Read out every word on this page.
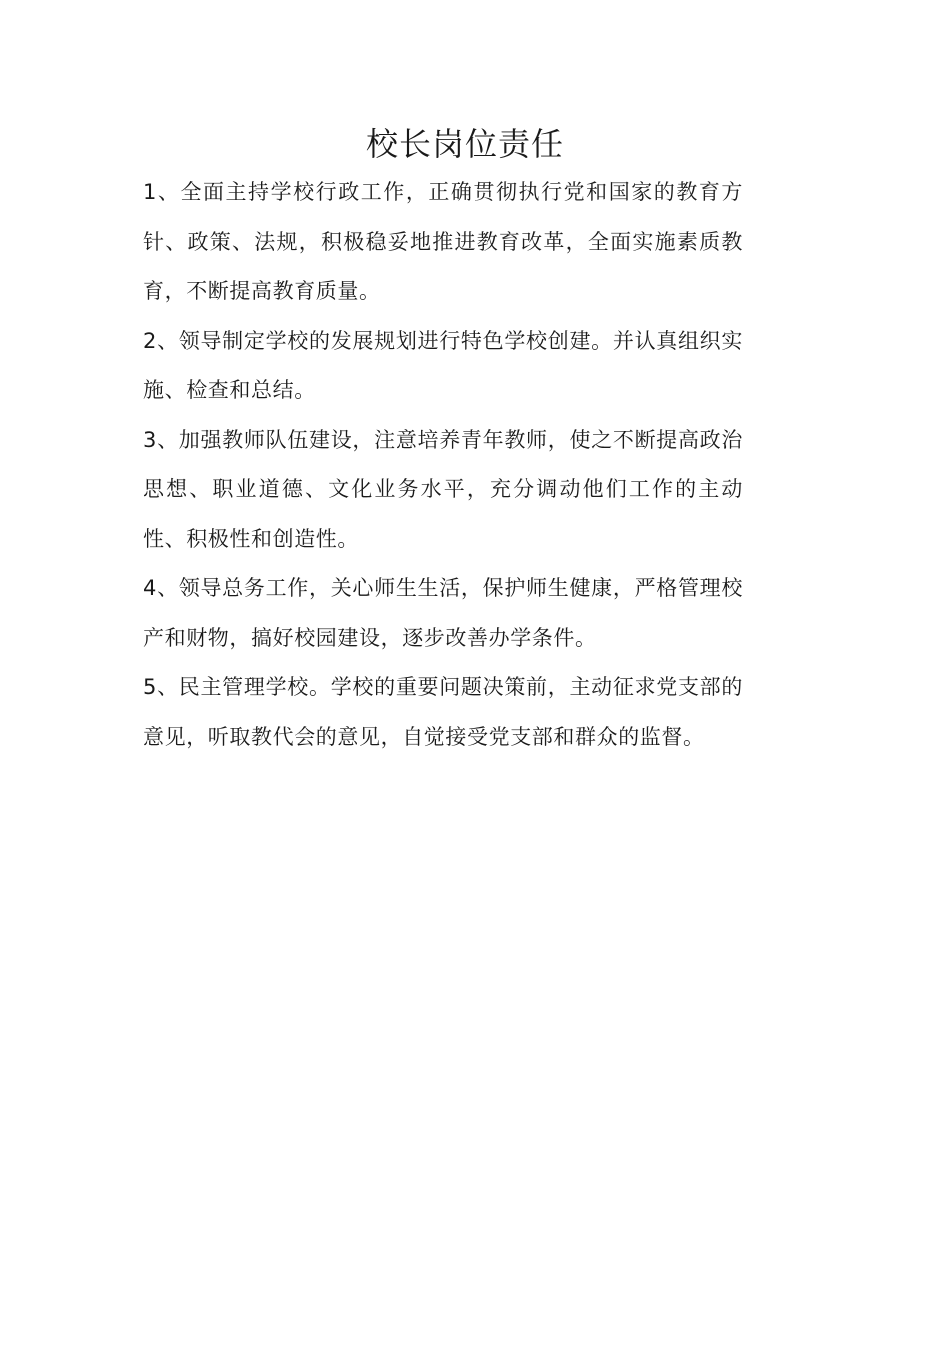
校长岗位责任

1、全面主持学校行政工作，正确贯彻执行党和国家的教育方针、政策、法规，积极稳妥地推进教育改革，全面实施素质教育，不断提高教育质量。

2、领导制定学校的发展规划进行特色学校创建。并认真组织实施、检查和总结。

3、加强教师队伍建设，注意培养青年教师，使之不断提高政治思想、职业道德、文化业务水平，充分调动他们工作的主动性、积极性和创造性。

4、领导总务工作，关心师生生活，保护师生健康，严格管理校产和财物，搞好校园建设，逐步改善办学条件。

5、民主管理学校。学校的重要问题决策前，主动征求党支部的意见，听取教代会的意见，自觉接受党支部和群众的监督。
